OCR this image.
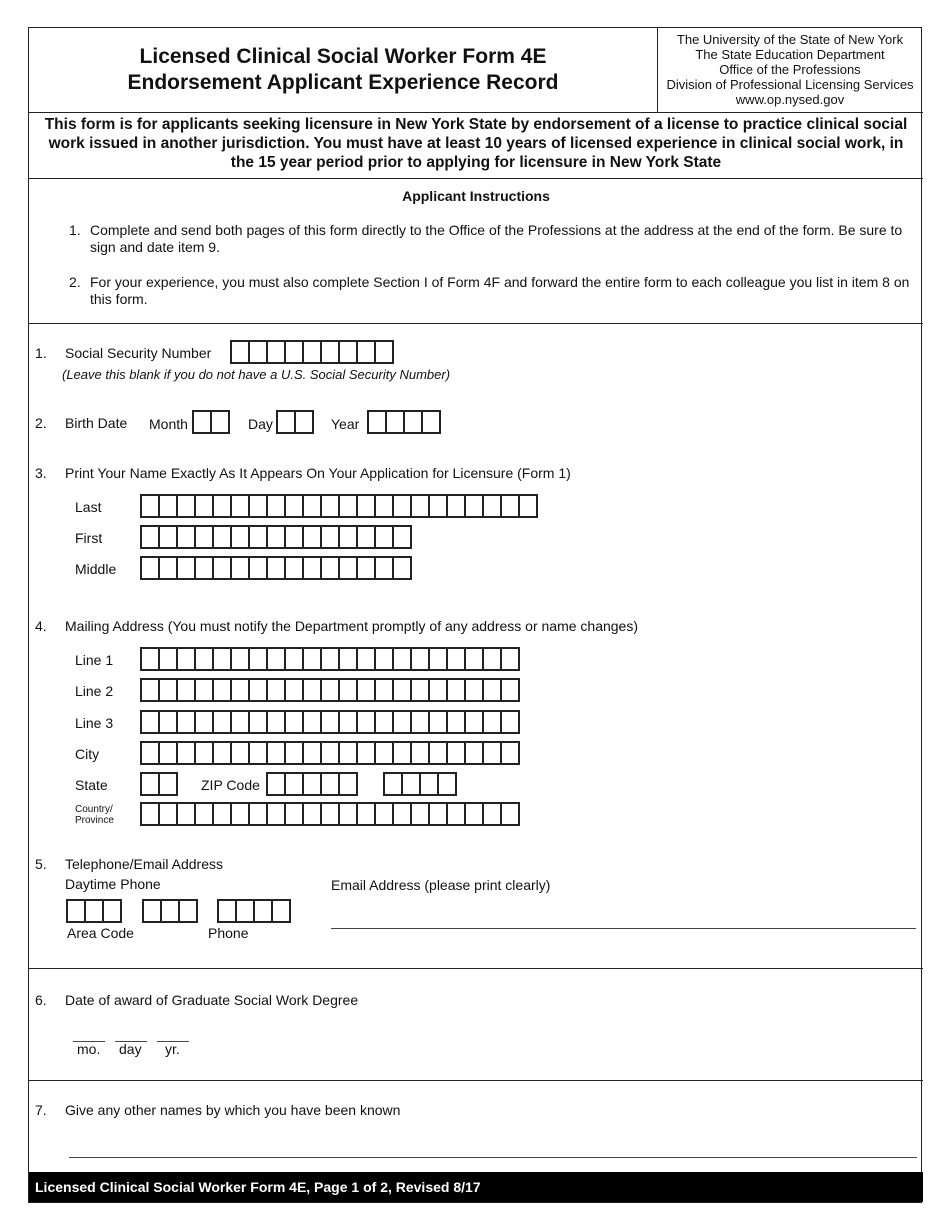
Licensed Clinical Social Worker Form 4E
Endorsement Applicant Experience Record
The University of the State of New York
The State Education Department
Office of the Professions
Division of Professional Licensing Services
www.op.nysed.gov
This form is for applicants seeking licensure in New York State by endorsement of a license to practice clinical social work issued in another jurisdiction. You must have at least 10 years of licensed experience in clinical social work, in the 15 year period prior to applying for licensure in New York State
Applicant Instructions
1. Complete and send both pages of this form directly to the Office of the Professions at the address at the end of the form. Be sure to sign and date item 9.
2. For your experience, you must also complete Section I of Form 4F and forward the entire form to each colleague you list in item 8 on this form.
1. Social Security Number
(Leave this blank if you do not have a U.S. Social Security Number)
2. Birth Date Month	Day	Year
3. Print Your Name Exactly As It Appears On Your Application for Licensure (Form 1)
Last
First
Middle
4. Mailing Address (You must notify the Department promptly of any address or name changes)
Line 1
Line 2
Line 3
City
State	ZIP Code
Country/
Province
5. Telephone/Email Address
Daytime Phone	Email Address (please print clearly)
Area Code	Phone
6. Date of award of Graduate Social Work Degree
mo. day yr.
7. Give any other names by which you have been known
Licensed Clinical Social Worker Form 4E, Page 1 of 2, Revised 8/17
